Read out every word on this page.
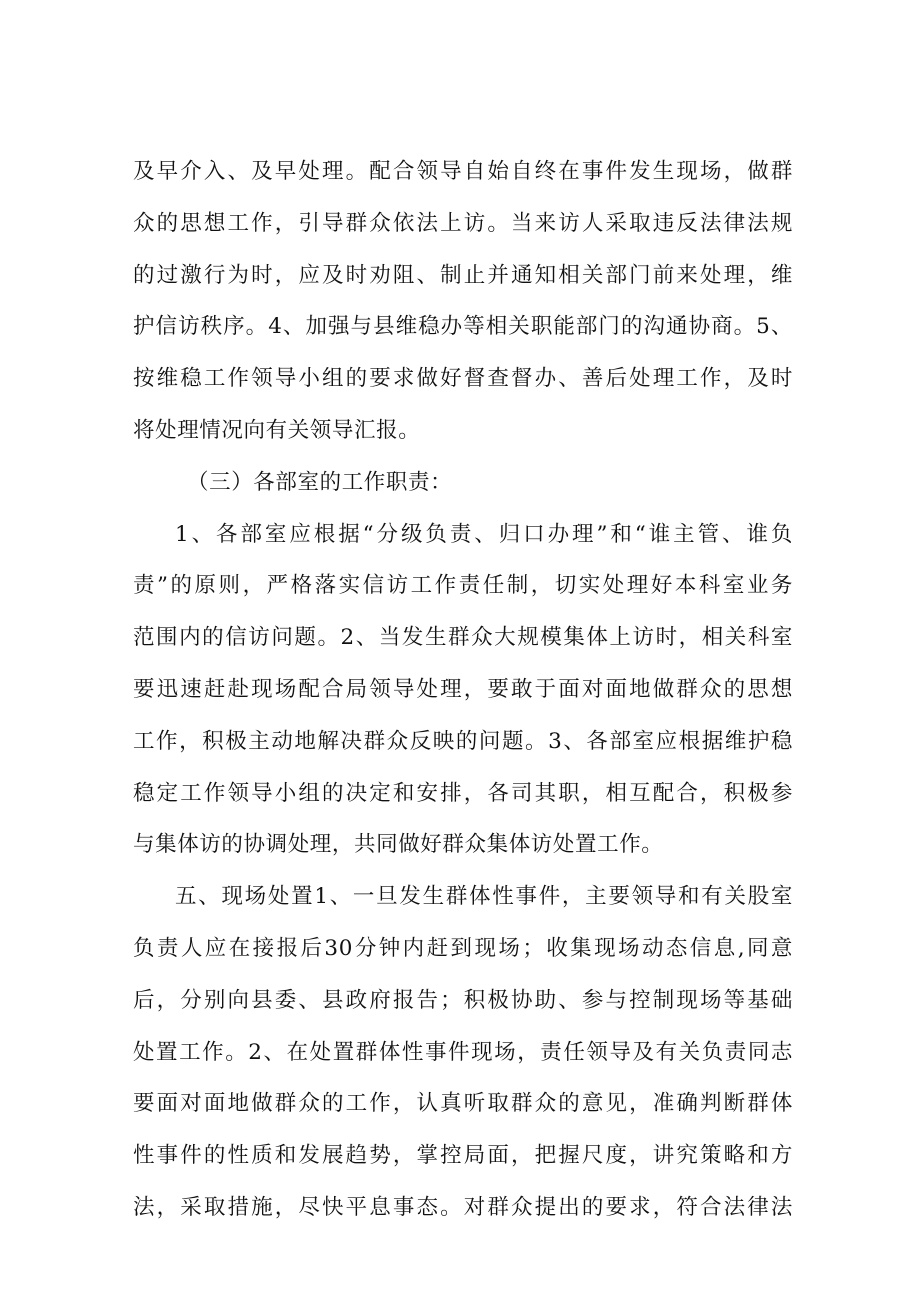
及早介入、及早处理。配合领导自始自终在事件发生现场，做群
众的思想工作，引导群众依法上访。当来访人采取违反法律法规
的过激行为时，应及时劝阻、制止并通知相关部门前来处理，维
护信访秩序。4、加强与县维稳办等相关职能部门的沟通协商。5、
按维稳工作领导小组的要求做好督查督办、善后处理工作，及时
将处理情况向有关领导汇报。
（三）各部室的工作职责：
1、各部室应根据“分级负责、归口办理”和“谁主管、谁负
责”的原则，严格落实信访工作责任制，切实处理好本科室业务
范围内的信访问题。2、当发生群众大规模集体上访时，相关科室
要迅速赶赴现场配合局领导处理，要敢于面对面地做群众的思想
工作，积极主动地解决群众反映的问题。3、各部室应根据维护稳
稳定工作领导小组的决定和安排，各司其职，相互配合，积极参
与集体访的协调处理，共同做好群众集体访处置工作。
五、现场处置1、一旦发生群体性事件，主要领导和有关股室
负责人应在接报后30分钟内赶到现场；收集现场动态信息,同意
后，分别向县委、县政府报告；积极协助、参与控制现场等基础
处置工作。2、在处置群体性事件现场，责任领导及有关负责同志
要面对面地做群众的工作，认真听取群众的意见，准确判断群体
性事件的性质和发展趋势，掌控局面，把握尺度，讲究策略和方
法，采取措施，尽快平息事态。对群众提出的要求，符合法律法
